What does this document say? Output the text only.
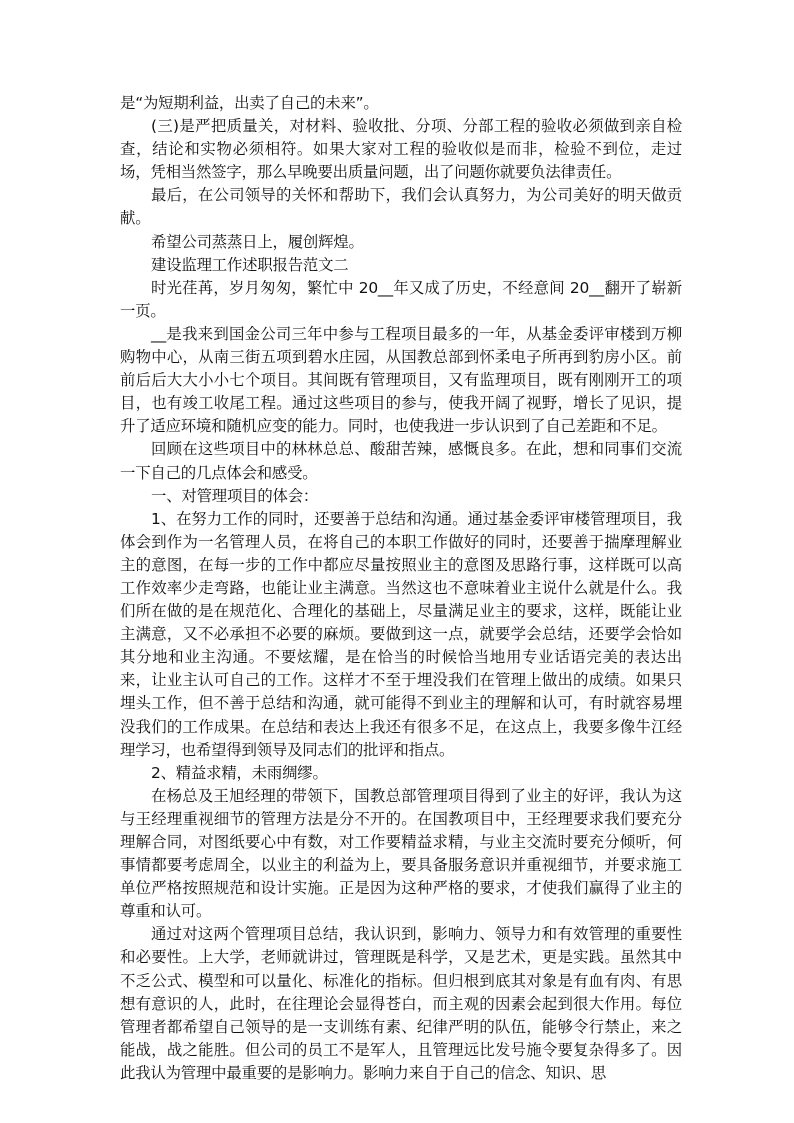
是“为短期利益，出卖了自己的未来”。

(三)是严把质量关，对材料、验收批、分项、分部工程的验收必须做到亲自检查，结论和实物必须相符。如果大家对工程的验收似是而非，检验不到位，走过场，凭相当然签字，那么早晚要出质量问题，出了问题你就要负法律责任。

最后，在公司领导的关怀和帮助下，我们会认真努力，为公司美好的明天做贡献。

希望公司蒸蒸日上，履创辉煌。

建设监理工作述职报告范文二

时光荏苒，岁月匆匆，繁忙中 20__年又成了历史，不经意间 20__翻开了崭新一页。

__是我来到国金公司三年中参与工程项目最多的一年，从基金委评审楼到万柳购物中心，从南三街五项到碧水庄园，从国教总部到怀柔电子所再到豹房小区。前前后后大大小小七个项目。其间既有管理项目，又有监理项目，既有刚刚开工的项目，也有竣工收尾工程。通过这些项目的参与，使我开阔了视野，增长了见识，提升了适应环境和随机应变的能力。同时，也使我进一步认识到了自己差距和不足。

回顾在这些项目中的林林总总、酸甜苦辣，感慨良多。在此，想和同事们交流一下自己的几点体会和感受。

一、对管理项目的体会：

1、在努力工作的同时，还要善于总结和沟通。通过基金委评审楼管理项目，我体会到作为一名管理人员，在将自己的本职工作做好的同时，还要善于揣摩理解业主的意图，在每一步的工作中都应尽量按照业主的意图及思路行事，这样既可以高工作效率少走弯路，也能让业主满意。当然这也不意味着业主说什么就是什么。我们所在做的是在规范化、合理化的基础上，尽量满足业主的要求，这样，既能让业主满意，又不必承担不必要的麻烦。要做到这一点，就要学会总结，还要学会恰如其分地和业主沟通。不要炫耀，是在恰当的时候恰当地用专业话语完美的表达出来，让业主认可自己的工作。这样才不至于埋没我们在管理上做出的成绩。如果只埋头工作，但不善于总结和沟通，就可能得不到业主的理解和认可，有时就容易埋没我们的工作成果。在总结和表达上我还有很多不足，在这点上，我要多像牛江经理学习，也希望得到领导及同志们的批评和指点。

2、精益求精，未雨绸缪。

在杨总及王旭经理的带领下，国教总部管理项目得到了业主的好评，我认为这与王经理重视细节的管理方法是分不开的。在国教项目中，王经理要求我们要充分理解合同，对图纸要心中有数，对工作要精益求精，与业主交流时要充分倾听，何事情都要考虑周全，以业主的利益为上，要具备服务意识并重视细节，并要求施工单位严格按照规范和设计实施。正是因为这种严格的要求，才使我们赢得了业主的尊重和认可。

通过对这两个管理项目总结，我认识到，影响力、领导力和有效管理的重要性和必要性。上大学，老师就讲过，管理既是科学，又是艺术，更是实践。虽然其中不乏公式、模型和可以量化、标准化的指标。但归根到底其对象是有血有肉、有思想有意识的人，此时，在往理论会显得苍白，而主观的因素会起到很大作用。每位管理者都希望自己领导的是一支训练有素、纪律严明的队伍，能够令行禁止，来之能战，战之能胜。但公司的员工不是军人，且管理远比发号施令要复杂得多了。因此我认为管理中最重要的是影响力。影响力来自于自己的信念、知识、思
